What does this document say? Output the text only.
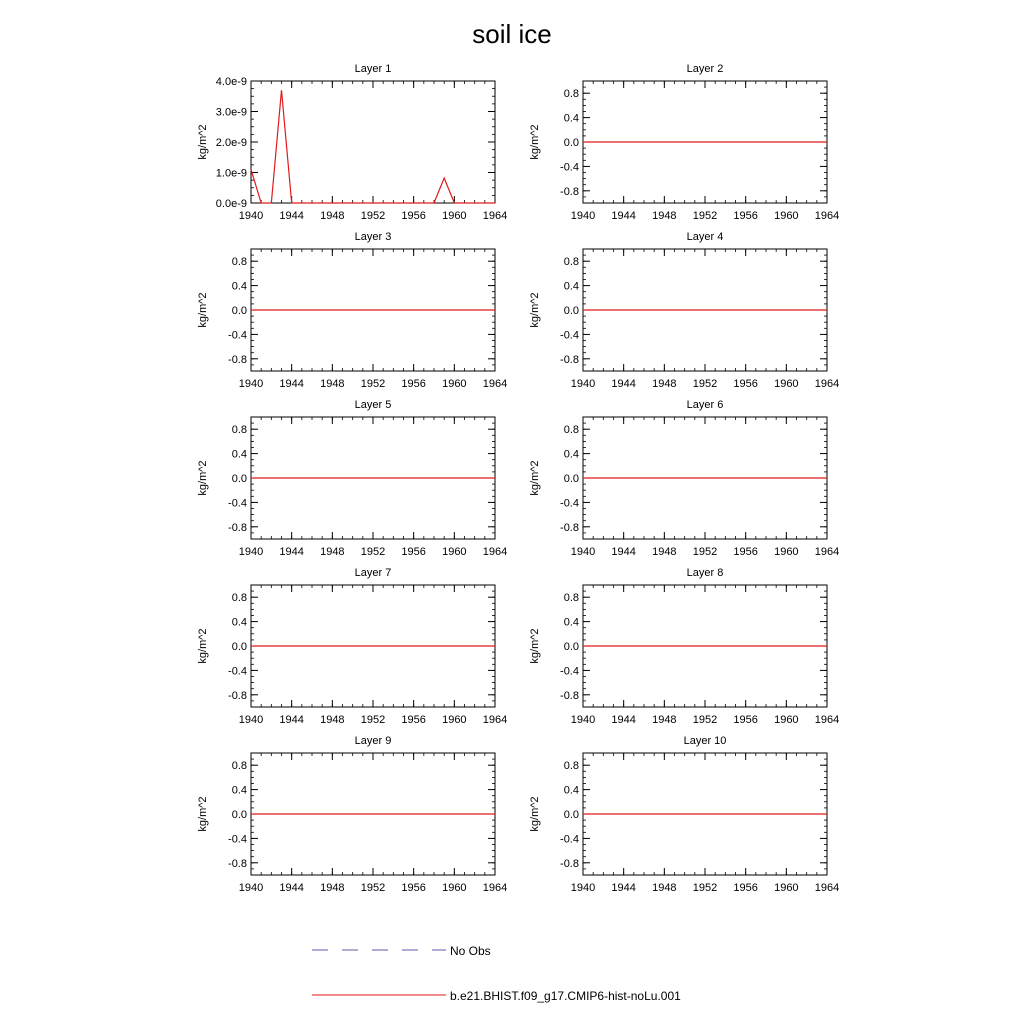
soil ice
Layer 1
kg/m^2
1940 1944 1948 1952 1956 1960 1964
0.0e-9
1.0e-9
2.0e-9
3.0e-9
4.0e-9
Layer 2
kg/m^2
1940 1944 1948 1952 1956 1960 1964
0.8
0.4
0.0
-0.4
-0.8
Layer 3
kg/m^2
1940 1944 1948 1952 1956 1960 1964
0.8
0.4
0.0
-0.4
-0.8
Layer 4
kg/m^2
1940 1944 1948 1952 1956 1960 1964
0.8
0.4
0.0
-0.4
-0.8
Layer 5
kg/m^2
1940 1944 1948 1952 1956 1960 1964
0.8
0.4
0.0
-0.4
-0.8
Layer 6
kg/m^2
1940 1944 1948 1952 1956 1960 1964
0.8
0.4
0.0
-0.4
-0.8
Layer 7
kg/m^2
1940 1944 1948 1952 1956 1960 1964
0.8
0.4
0.0
-0.4
-0.8
Layer 8
kg/m^2
1940 1944 1948 1952 1956 1960 1964
0.8
0.4
0.0
-0.4
-0.8
Layer 9
kg/m^2
1940 1944 1948 1952 1956 1960 1964
0.8
0.4
0.0
-0.4
-0.8
Layer 10
kg/m^2
1940 1944 1948 1952 1956 1960 1964
0.8
0.4
0.0
-0.4
-0.8
No Obs
b.e21.BHIST.f09_g17.CMIP6-hist-noLu.001
